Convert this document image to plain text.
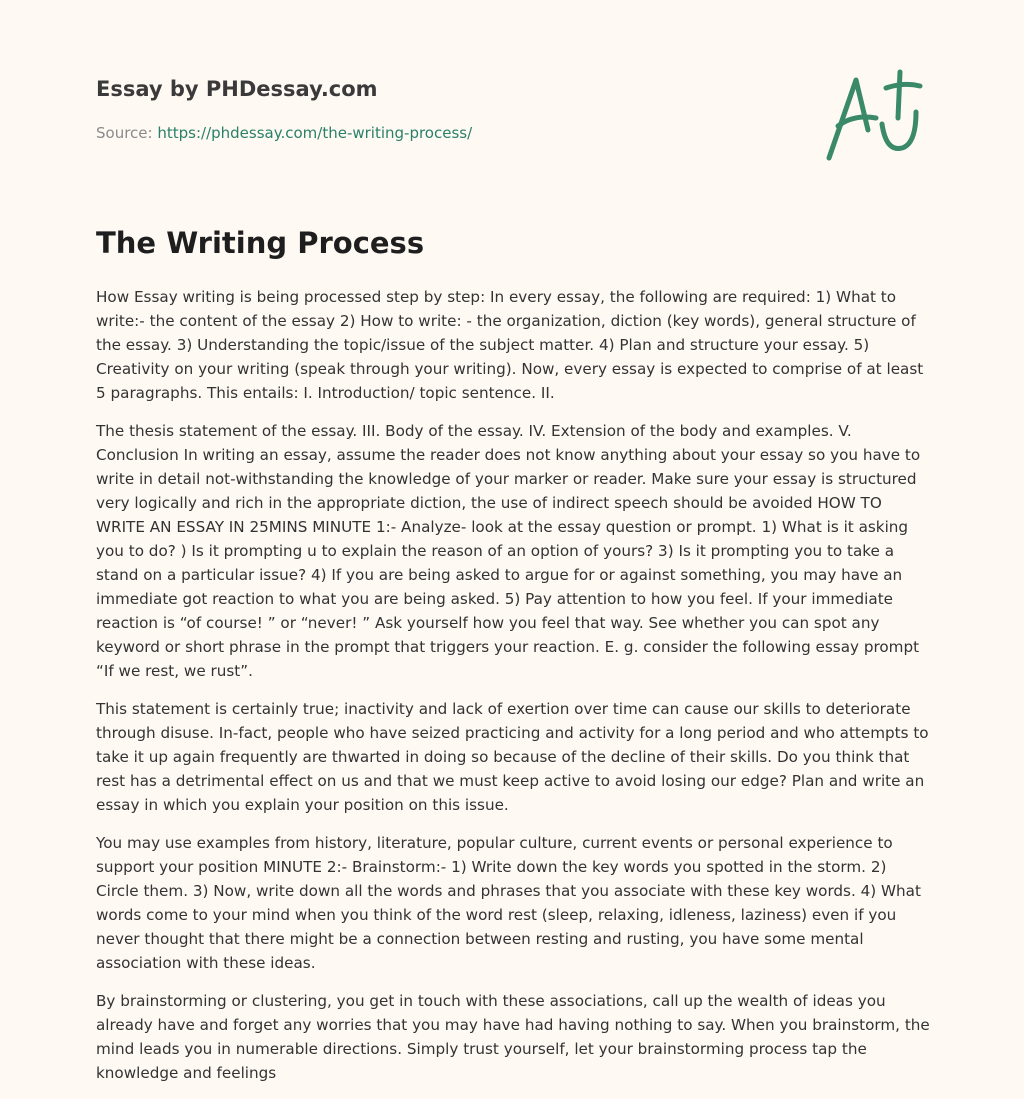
Essay by PHDessay.com
Source: https://phdessay.com/the-writing-process/
The Writing Process

How Essay writing is being processed step by step: In every essay, the following are required: 1) What to write:- the content of the essay 2) How to write: - the organization, diction (key words), general structure of the essay. 3) Understanding the topic/issue of the subject matter. 4) Plan and structure your essay. 5) Creativity on your writing (speak through your writing). Now, every essay is expected to comprise of at least 5 paragraphs. This entails: I. Introduction/ topic sentence. II.

The thesis statement of the essay. III. Body of the essay. IV. Extension of the body and examples. V. Conclusion In writing an essay, assume the reader does not know anything about your essay so you have to write in detail not-withstanding the knowledge of your marker or reader. Make sure your essay is structured very logically and rich in the appropriate diction, the use of indirect speech should be avoided HOW TO WRITE AN ESSAY IN 25MINS MINUTE 1:- Analyze- look at the essay question or prompt. 1) What is it asking you to do? ) Is it prompting u to explain the reason of an option of yours? 3) Is it prompting you to take a stand on a particular issue? 4) If you are being asked to argue for or against something, you may have an immediate got reaction to what you are being asked. 5) Pay attention to how you feel. If your immediate reaction is “of course! ” or “never! ” Ask yourself how you feel that way. See whether you can spot any keyword or short phrase in the prompt that triggers your reaction. E. g. consider the following essay prompt “If we rest, we rust”.

This statement is certainly true; inactivity and lack of exertion over time can cause our skills to deteriorate through disuse. In-fact, people who have seized practicing and activity for a long period and who attempts to take it up again frequently are thwarted in doing so because of the decline of their skills. Do you think that rest has a detrimental effect on us and that we must keep active to avoid losing our edge? Plan and write an essay in which you explain your position on this issue.

You may use examples from history, literature, popular culture, current events or personal experience to support your position MINUTE 2:- Brainstorm:- 1) Write down the key words you spotted in the storm. 2) Circle them. 3) Now, write down all the words and phrases that you associate with these key words. 4) What words come to your mind when you think of the word rest (sleep, relaxing, idleness, laziness) even if you never thought that there might be a connection between resting and rusting, you have some mental association with these ideas.

By brainstorming or clustering, you get in touch with these associations, call up the wealth of ideas you already have and forget any worries that you may have had having nothing to say. When you brainstorm, the mind leads you in numerable directions. Simply trust yourself, let your brainstorming process tap the knowledge and feelings
